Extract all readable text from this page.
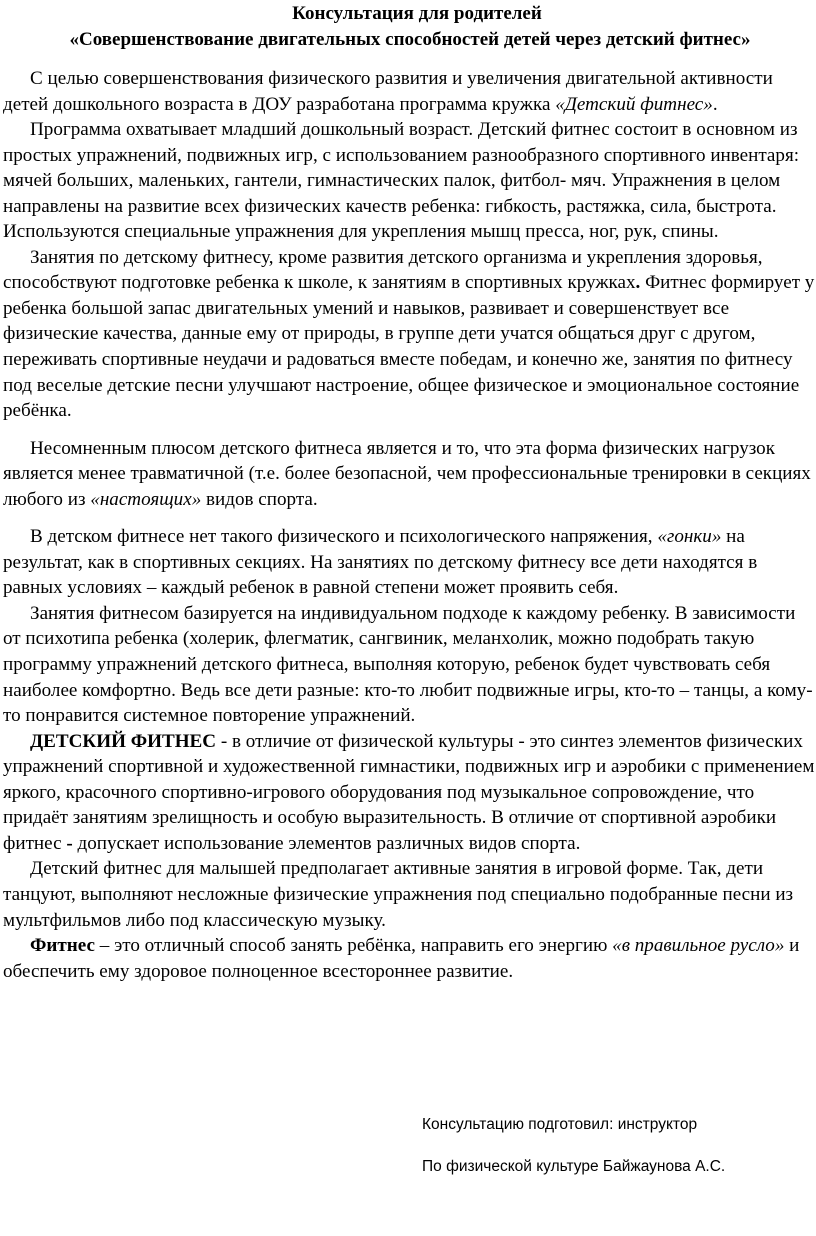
Консультация для родителей
«Совершенствование двигательных способностей детей через детский фитнес»

С целью совершенствования физического развития и увеличения двигательной активности детей дошкольного возраста в ДОУ разработана программа кружка «Детский фитнес».

Программа охватывает младший дошкольный возраст. Детский фитнес состоит в основном из простых упражнений, подвижных игр, с использованием разнообразного спортивного инвентаря: мячей больших, маленьких, гантели, гимнастических палок, фитбол- мяч. Упражнения в целом направлены на развитие всех физических качеств ребенка: гибкость, растяжка, сила, быстрота. Используются специальные упражнения для укрепления мышц пресса, ног, рук, спины.

Занятия по детскому фитнесу, кроме развития детского организма и укрепления здоровья, способствуют подготовке ребенка к школе, к занятиям в спортивных кружках. Фитнес формирует у ребенка большой запас двигательных умений и навыков, развивает и совершенствует все физические качества, данные ему от природы, в группе дети учатся общаться друг с другом, переживать спортивные неудачи и радоваться вместе победам, и конечно же, занятия по фитнесу под веселые детские песни улучшают настроение, общее физическое и эмоциональное состояние ребёнка.

Несомненным плюсом детского фитнеса является и то, что эта форма физических нагрузок является менее травматичной (т.е. более безопасной, чем профессиональные тренировки в секциях любого из «настоящих» видов спорта.

В детском фитнесе нет такого физического и психологического напряжения, «гонки» на результат, как в спортивных секциях. На занятиях по детскому фитнесу все дети находятся в равных условиях – каждый ребенок в равной степени может проявить себя.

Занятия фитнесом базируется на индивидуальном подходе к каждому ребенку. В зависимости от психотипа ребенка (холерик, флегматик, сангвиник, меланхолик, можно подобрать такую программу упражнений детского фитнеса, выполняя которую, ребенок будет чувствовать себя наиболее комфортно. Ведь все дети разные: кто-то любит подвижные игры, кто-то – танцы, а кому-то понравится системное повторение упражнений.

ДЕТСКИЙ ФИТНЕС - в отличие от физической культуры - это синтез элементов физических упражнений спортивной и художественной гимнастики, подвижных игр и аэробики с применением яркого, красочного спортивно-игрового оборудования под музыкальное сопровождение, что придаёт занятиям зрелищность и особую выразительность. В отличие от спортивной аэробики фитнес - допускает использование элементов различных видов спорта.

Детский фитнес для малышей предполагает активные занятия в игровой форме. Так, дети танцуют, выполняют несложные физические упражнения под специально подобранные песни из мультфильмов либо под классическую музыку.

Фитнес – это отличный способ занять ребёнка, направить его энергию «в правильное русло» и обеспечить ему здоровое полноценное всестороннее развитие.

Консультацию подготовил: инструктор
По физической культуре Байжаунова А.С.
